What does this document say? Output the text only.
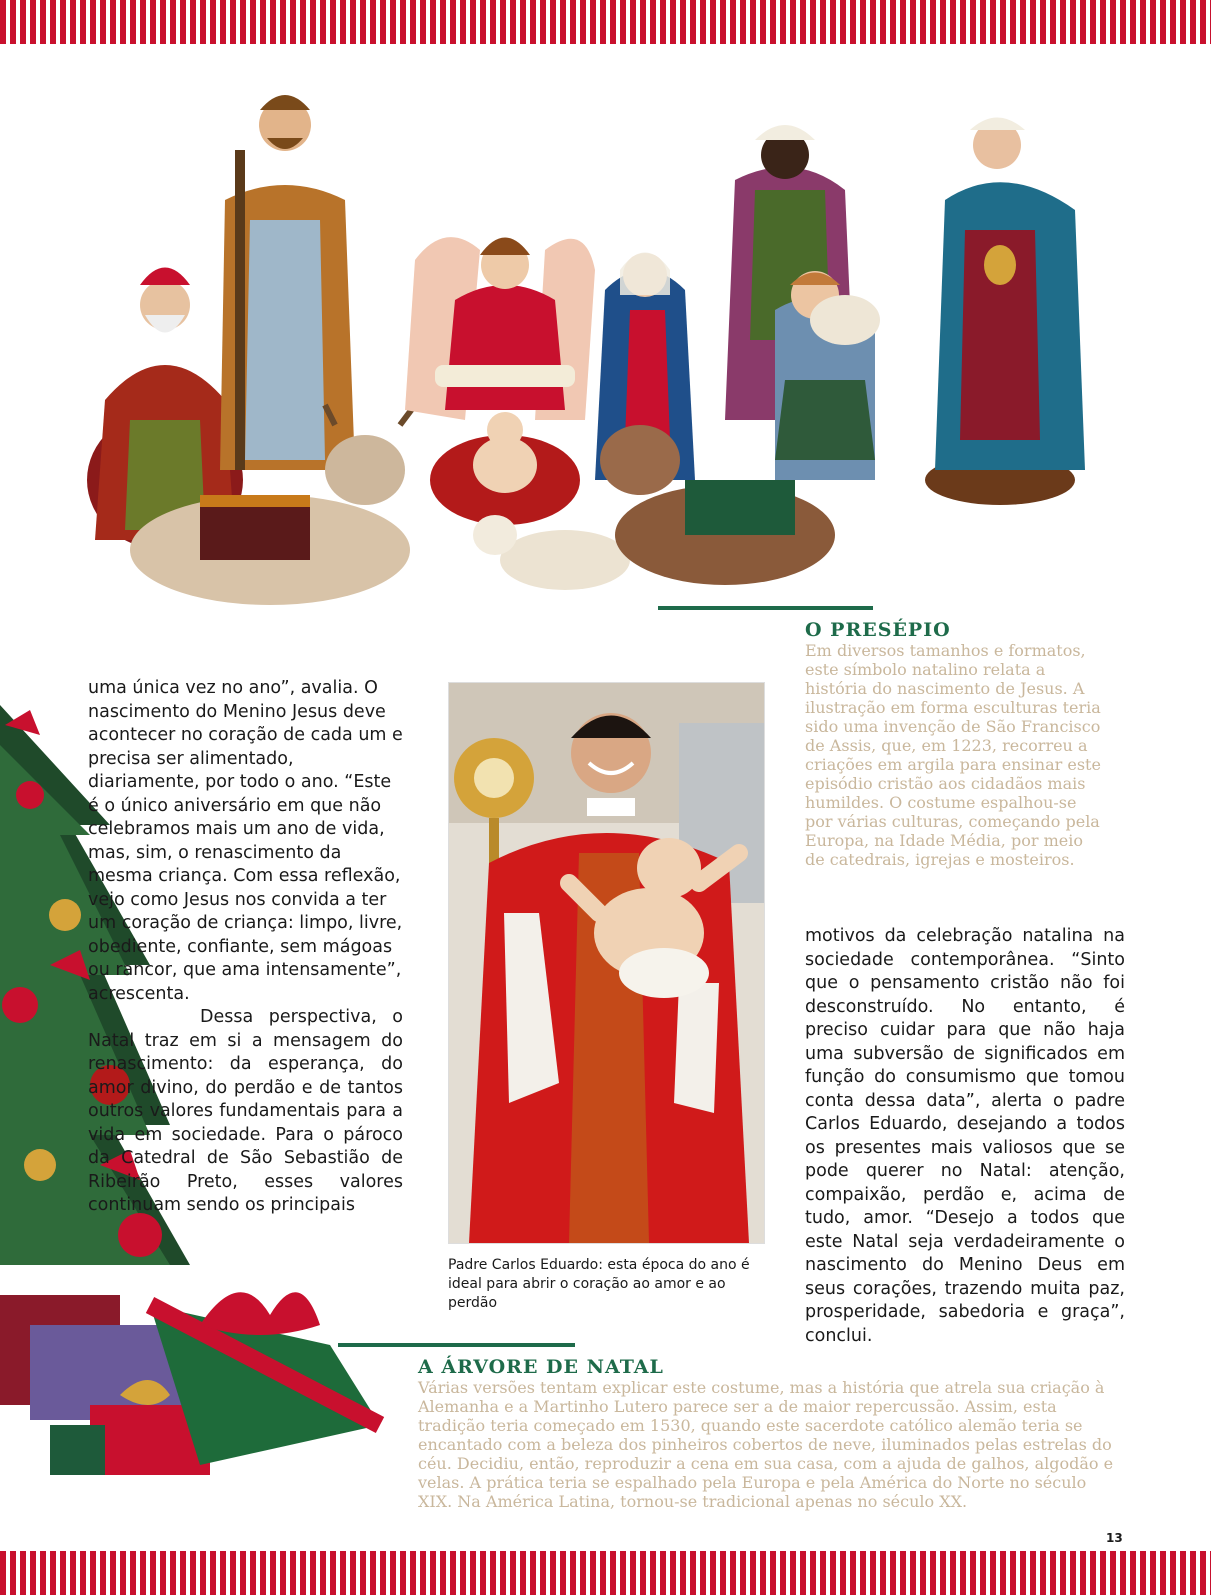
uma única vez no ano”, avalia. O nascimento do Menino Jesus deve acontecer no coração de cada um e precisa ser alimentado, diariamente, por todo o ano. “Este é o único aniversário em que não celebramos mais um ano de vida, mas, sim, o renascimento da mesma criança. Com essa reflexão, vejo como Jesus nos convida a ter um coração de criança: limpo, livre, obediente, confiante, sem mágoas ou rancor, que ama intensamente”, acrescenta.

Dessa perspectiva, o Natal traz em si a mensagem do renascimento: da esperança, do amor divino, do perdão e de tantos outros valores fundamentais para a vida em sociedade. Para o pároco da Catedral de São Sebastião de Ribeirão Preto, esses valores continuam sendo os principais

motivos da celebração natalina na sociedade contemporânea. “Sinto que o pensamento cristão não foi desconstruído. No entanto, é preciso cuidar para que não haja uma subversão de significados em função do consumismo que tomou conta dessa data”, alerta o padre Carlos Eduardo, desejando a todos os presentes mais valiosos que se pode querer no Natal: atenção, compaixão, perdão e, acima de tudo, amor. “Desejo a todos que este Natal seja verdadeiramente o nascimento do Menino Deus em seus corações, trazendo muita paz, prosperidade, sabedoria e graça”, conclui.

Padre Carlos Eduardo: esta época do ano é ideal para abrir o coração ao amor e ao perdão
O PRESÉPIO
Em diversos tamanhos e formatos, este símbolo natalino relata a história do nascimento de Jesus. A ilustração em forma esculturas teria sido uma invenção de São Francisco de Assis, que, em 1223, recorreu a criações em argila para ensinar este episódio cristão aos cidadãos mais humildes. O costume espalhou-se por várias culturas, começando pela Europa, na Idade Média, por meio de catedrais, igrejas e mosteiros.
A ÁRVORE DE NATAL
Várias versões tentam explicar este costume, mas a história que atrela sua criação à Alemanha e a Martinho Lutero parece ser a de maior repercussão. Assim, esta tradição teria começado em 1530, quando este sacerdote católico alemão teria se encantado com a beleza dos pinheiros cobertos de neve, iluminados pelas estrelas do céu. Decidiu, então, reproduzir a cena em sua casa, com a ajuda de galhos, algodão e velas. A prática teria se espalhado pela Europa e pela América do Norte no século XIX. Na América Latina, tornou-se tradicional apenas no século XX.
13
